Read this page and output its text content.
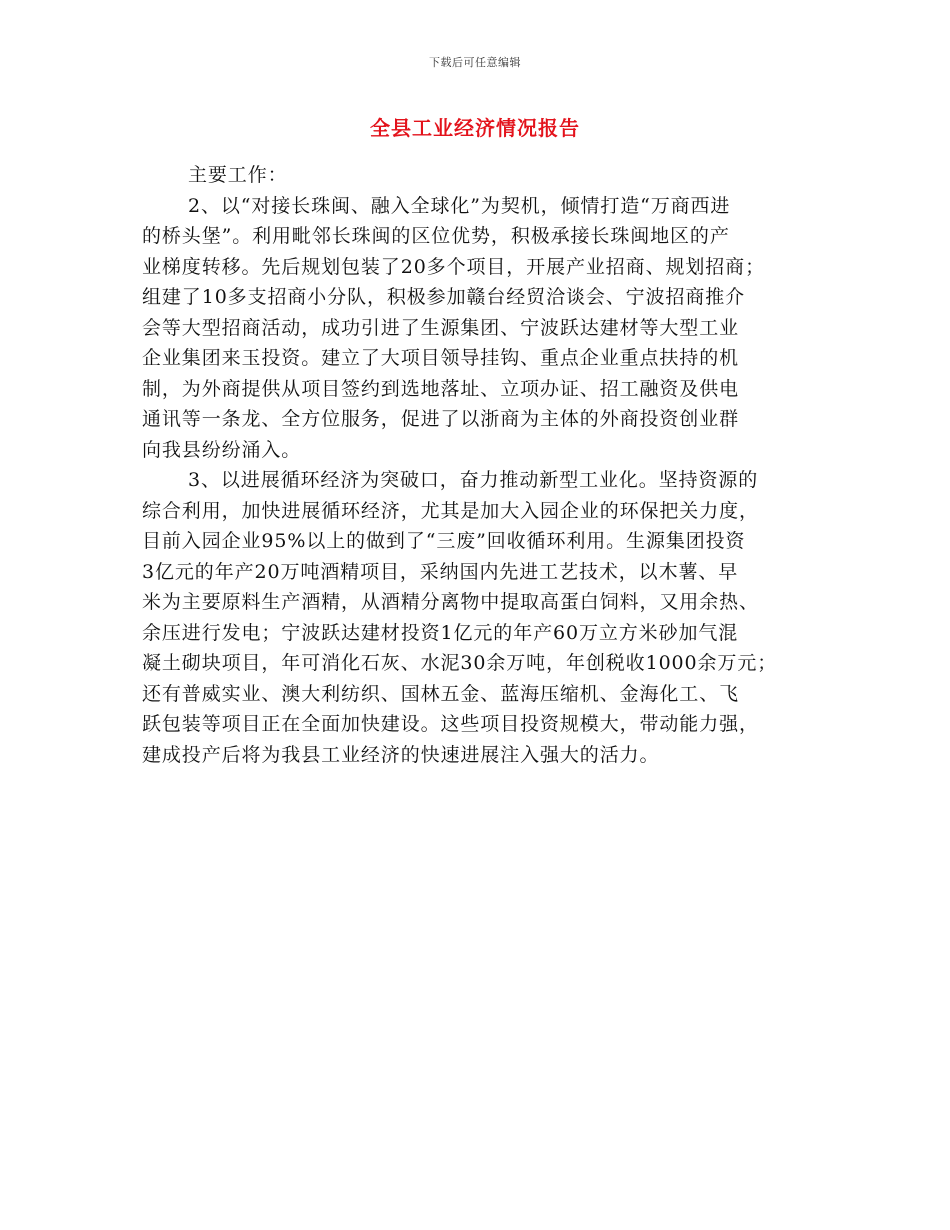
下载后可任意编辑
全县工业经济情况报告
主要工作：
2、以“对接长珠闽、融入全球化”为契机，倾情打造“万商西进
的桥头堡”。利用毗邻长珠闽的区位优势，积极承接长珠闽地区的产
业梯度转移。先后规划包装了20多个项目，开展产业招商、规划招商；
组建了10多支招商小分队，积极参加赣台经贸洽谈会、宁波招商推介
会等大型招商活动，成功引进了生源集团、宁波跃达建材等大型工业
企业集团来玉投资。建立了大项目领导挂钩、重点企业重点扶持的机
制，为外商提供从项目签约到选地落址、立项办证、招工融资及供电
通讯等一条龙、全方位服务，促进了以浙商为主体的外商投资创业群
向我县纷纷涌入。
3、以进展循环经济为突破口，奋力推动新型工业化。坚持资源的
综合利用，加快进展循环经济，尤其是加大入园企业的环保把关力度，
目前入园企业95%以上的做到了“三废”回收循环利用。生源集团投资
3亿元的年产20万吨酒精项目，采纳国内先进工艺技术，以木薯、早
米为主要原料生产酒精，从酒精分离物中提取高蛋白饲料，又用余热、
余压进行发电；宁波跃达建材投资1亿元的年产60万立方米砂加气混
凝土砌块项目，年可消化石灰、水泥30余万吨，年创税收1000余万元；
还有普威实业、澳大利纺织、国林五金、蓝海压缩机、金海化工、飞
跃包装等项目正在全面加快建设。这些项目投资规模大，带动能力强，
建成投产后将为我县工业经济的快速进展注入强大的活力。
